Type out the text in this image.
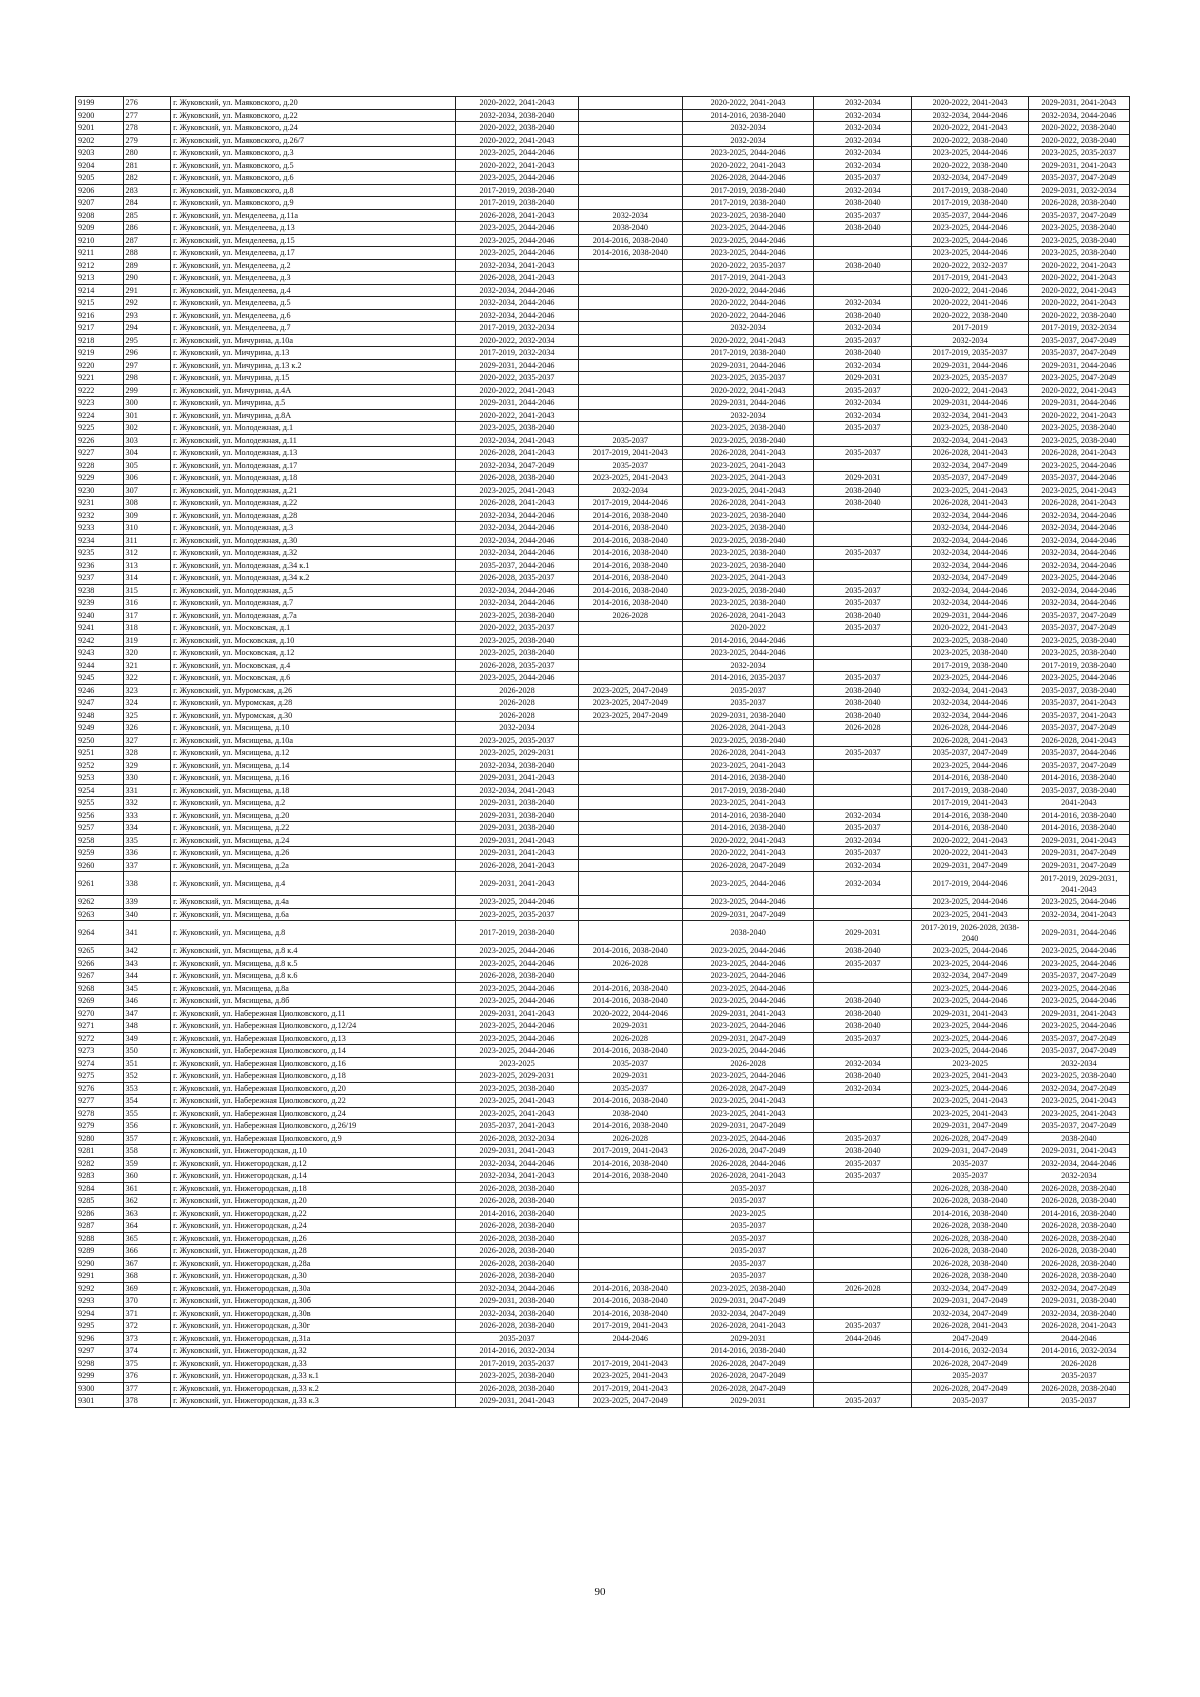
9199	276	г. Жуковский, ул. Маяковского, д.20	2020-2022, 2041-2043		2020-2022, 2041-2043	2032-2034	2020-2022, 2041-2043	2029-2031, 2041-2043
9200	277	г. Жуковский, ул. Маяковского, д.22	2032-2034, 2038-2040		2014-2016, 2038-2040	2032-2034	2032-2034, 2044-2046	2032-2034, 2044-2046
9201	278	г. Жуковский, ул. Маяковского, д.24	2020-2022, 2038-2040		2032-2034	2032-2034	2020-2022, 2041-2043	2020-2022, 2038-2040
9202	279	г. Жуковский, ул. Маяковского, д.26/7	2020-2022, 2041-2043		2032-2034	2032-2034	2020-2022, 2038-2040	2020-2022, 2038-2040
9203	280	г. Жуковский, ул. Маяковского, д.3	2023-2025, 2044-2046		2023-2025, 2044-2046	2032-2034	2023-2025, 2044-2046	2023-2025, 2035-2037
9204	281	г. Жуковский, ул. Маяковского, д.5	2020-2022, 2041-2043		2020-2022, 2041-2043	2032-2034	2020-2022, 2038-2040	2029-2031, 2041-2043
9205	282	г. Жуковский, ул. Маяковского, д.6	2023-2025, 2044-2046		2026-2028, 2044-2046	2035-2037	2032-2034, 2047-2049	2035-2037, 2047-2049
9206	283	г. Жуковский, ул. Маяковского, д.8	2017-2019, 2038-2040		2017-2019, 2038-2040	2032-2034	2017-2019, 2038-2040	2029-2031, 2032-2034
9207	284	г. Жуковский, ул. Маяковского, д.9	2017-2019, 2038-2040		2017-2019, 2038-2040	2038-2040	2017-2019, 2038-2040	2026-2028, 2038-2040
9208	285	г. Жуковский, ул. Менделеева, д.11а	2026-2028, 2041-2043	2032-2034	2023-2025, 2038-2040	2035-2037	2035-2037, 2044-2046	2035-2037, 2047-2049
9209	286	г. Жуковский, ул. Менделеева, д.13	2023-2025, 2044-2046	2038-2040	2023-2025, 2044-2046	2038-2040	2023-2025, 2044-2046	2023-2025, 2038-2040
9210	287	г. Жуковский, ул. Менделеева, д.15	2023-2025, 2044-2046	2014-2016, 2038-2040	2023-2025, 2044-2046		2023-2025, 2044-2046	2023-2025, 2038-2040
9211	288	г. Жуковский, ул. Менделеева, д.17	2023-2025, 2044-2046	2014-2016, 2038-2040	2023-2025, 2044-2046		2023-2025, 2044-2046	2023-2025, 2038-2040
9212	289	г. Жуковский, ул. Менделеева, д.2	2032-2034, 2041-2043		2020-2022, 2035-2037	2038-2040	2020-2022, 2032-2037	2020-2022, 2041-2043
9213	290	г. Жуковский, ул. Менделеева, д.3	2026-2028, 2041-2043		2017-2019, 2041-2043		2017-2019, 2041-2043	2020-2022, 2041-2043
9214	291	г. Жуковский, ул. Менделеева, д.4	2032-2034, 2044-2046		2020-2022, 2044-2046		2020-2022, 2041-2046	2020-2022, 2041-2043
9215	292	г. Жуковский, ул. Менделеева, д.5	2032-2034, 2044-2046		2020-2022, 2044-2046	2032-2034	2020-2022, 2041-2046	2020-2022, 2041-2043
9216	293	г. Жуковский, ул. Менделеева, д.6	2032-2034, 2044-2046		2020-2022, 2044-2046	2038-2040	2020-2022, 2038-2040	2020-2022, 2038-2040
9217	294	г. Жуковский, ул. Менделеева, д.7	2017-2019, 2032-2034		2032-2034	2032-2034	2017-2019	2017-2019, 2032-2034
9218	295	г. Жуковский, ул. Мичурина, д.10а	2020-2022, 2032-2034		2020-2022, 2041-2043	2035-2037	2032-2034	2035-2037, 2047-2049
9219	296	г. Жуковский, ул. Мичурина, д.13	2017-2019, 2032-2034		2017-2019, 2038-2040	2038-2040	2017-2019, 2035-2037	2035-2037, 2047-2049
9220	297	г. Жуковский, ул. Мичурина, д.13 к.2	2029-2031, 2044-2046		2029-2031, 2044-2046	2032-2034	2029-2031, 2044-2046	2029-2031, 2044-2046
9221	298	г. Жуковский, ул. Мичурина, д.15	2020-2022, 2035-2037		2023-2025, 2035-2037	2029-2031	2023-2025, 2035-2037	2023-2025, 2047-2049
9222	299	г. Жуковский, ул. Мичурина, д.4А	2020-2022, 2041-2043		2020-2022, 2041-2043	2035-2037	2020-2022, 2041-2043	2020-2022, 2041-2043
9223	300	г. Жуковский, ул. Мичурина, д.5	2029-2031, 2044-2046		2029-2031, 2044-2046	2032-2034	2029-2031, 2044-2046	2029-2031, 2044-2046
9224	301	г. Жуковский, ул. Мичурина, д.8А	2020-2022, 2041-2043		2032-2034	2032-2034	2032-2034, 2041-2043	2020-2022, 2041-2043
9225	302	г. Жуковский, ул. Молодежная, д.1	2023-2025, 2038-2040		2023-2025, 2038-2040	2035-2037	2023-2025, 2038-2040	2023-2025, 2038-2040
9226	303	г. Жуковский, ул. Молодежная, д.11	2032-2034, 2041-2043	2035-2037	2023-2025, 2038-2040		2032-2034, 2041-2043	2023-2025, 2038-2040
9227	304	г. Жуковский, ул. Молодежная, д.13	2026-2028, 2041-2043	2017-2019, 2041-2043	2026-2028, 2041-2043	2035-2037	2026-2028, 2041-2043	2026-2028, 2041-2043
9228	305	г. Жуковский, ул. Молодежная, д.17	2032-2034, 2047-2049	2035-2037	2023-2025, 2041-2043		2032-2034, 2047-2049	2023-2025, 2044-2046
9229	306	г. Жуковский, ул. Молодежная, д.18	2026-2028, 2038-2040	2023-2025, 2041-2043	2023-2025, 2041-2043	2029-2031	2035-2037, 2047-2049	2035-2037, 2044-2046
9230	307	г. Жуковский, ул. Молодежная, д.21	2023-2025, 2041-2043	2032-2034	2023-2025, 2041-2043	2038-2040	2023-2025, 2041-2043	2023-2025, 2041-2043
9231	308	г. Жуковский, ул. Молодежная, д.22	2026-2028, 2041-2043	2017-2019, 2044-2046	2026-2028, 2041-2043	2038-2040	2026-2028, 2041-2043	2026-2028, 2041-2043
9232	309	г. Жуковский, ул. Молодежная, д.28	2032-2034, 2044-2046	2014-2016, 2038-2040	2023-2025, 2038-2040		2032-2034, 2044-2046	2032-2034, 2044-2046
9233	310	г. Жуковский, ул. Молодежная, д.3	2032-2034, 2044-2046	2014-2016, 2038-2040	2023-2025, 2038-2040		2032-2034, 2044-2046	2032-2034, 2044-2046
9234	311	г. Жуковский, ул. Молодежная, д.30	2032-2034, 2044-2046	2014-2016, 2038-2040	2023-2025, 2038-2040		2032-2034, 2044-2046	2032-2034, 2044-2046
9235	312	г. Жуковский, ул. Молодежная, д.32	2032-2034, 2044-2046	2014-2016, 2038-2040	2023-2025, 2038-2040	2035-2037	2032-2034, 2044-2046	2032-2034, 2044-2046
9236	313	г. Жуковский, ул. Молодежная, д.34 к.1	2035-2037, 2044-2046	2014-2016, 2038-2040	2023-2025, 2038-2040		2032-2034, 2044-2046	2032-2034, 2044-2046
9237	314	г. Жуковский, ул. Молодежная, д.34 к.2	2026-2028, 2035-2037	2014-2016, 2038-2040	2023-2025, 2041-2043		2032-2034, 2047-2049	2023-2025, 2044-2046
9238	315	г. Жуковский, ул. Молодежная, д.5	2032-2034, 2044-2046	2014-2016, 2038-2040	2023-2025, 2038-2040	2035-2037	2032-2034, 2044-2046	2032-2034, 2044-2046
9239	316	г. Жуковский, ул. Молодежная, д.7	2032-2034, 2044-2046	2014-2016, 2038-2040	2023-2025, 2038-2040	2035-2037	2032-2034, 2044-2046	2032-2034, 2044-2046
9240	317	г. Жуковский, ул. Молодежная, д.7а	2023-2025, 2038-2040	2026-2028	2026-2028, 2041-2043	2038-2040	2029-2031, 2044-2046	2035-2037, 2047-2049
9241	318	г. Жуковский, ул. Московская, д.1	2020-2022, 2035-2037		2020-2022	2035-2037	2020-2022, 2041-2043	2035-2037, 2047-2049
9242	319	г. Жуковский, ул. Московская, д.10	2023-2025, 2038-2040		2014-2016, 2044-2046		2023-2025, 2038-2040	2023-2025, 2038-2040
9243	320	г. Жуковский, ул. Московская, д.12	2023-2025, 2038-2040		2023-2025, 2044-2046		2023-2025, 2038-2040	2023-2025, 2038-2040
9244	321	г. Жуковский, ул. Московская, д.4	2026-2028, 2035-2037		2032-2034		2017-2019, 2038-2040	2017-2019, 2038-2040
9245	322	г. Жуковский, ул. Московская, д.6	2023-2025, 2044-2046		2014-2016, 2035-2037	2035-2037	2023-2025, 2044-2046	2023-2025, 2044-2046
9246	323	г. Жуковский, ул. Муромская, д.26	2026-2028	2023-2025, 2047-2049	2035-2037	2038-2040	2032-2034, 2041-2043	2035-2037, 2038-2040
9247	324	г. Жуковский, ул. Муромская, д.28	2026-2028	2023-2025, 2047-2049	2035-2037	2038-2040	2032-2034, 2044-2046	2035-2037, 2041-2043
9248	325	г. Жуковский, ул. Муромская, д.30	2026-2028	2023-2025, 2047-2049	2029-2031, 2038-2040	2038-2040	2032-2034, 2044-2046	2035-2037, 2041-2043
9249	326	г. Жуковский, ул. Мясищева, д.10	2032-2034		2026-2028, 2041-2043	2026-2028	2026-2028, 2044-2046	2035-2037, 2047-2049
9250	327	г. Жуковский, ул. Мясищева, д.10а	2023-2025, 2035-2037		2023-2025, 2038-2040		2026-2028, 2041-2043	2026-2028, 2041-2043
9251	328	г. Жуковский, ул. Мясищева, д.12	2023-2025, 2029-2031		2026-2028, 2041-2043	2035-2037	2035-2037, 2047-2049	2035-2037, 2044-2046
9252	329	г. Жуковский, ул. Мясищева, д.14	2032-2034, 2038-2040		2023-2025, 2041-2043		2023-2025, 2044-2046	2035-2037, 2047-2049
9253	330	г. Жуковский, ул. Мясищева, д.16	2029-2031, 2041-2043		2014-2016, 2038-2040		2014-2016, 2038-2040	2014-2016, 2038-2040
9254	331	г. Жуковский, ул. Мясищева, д.18	2032-2034, 2041-2043		2017-2019, 2038-2040		2017-2019, 2038-2040	2035-2037, 2038-2040
9255	332	г. Жуковский, ул. Мясищева, д.2	2029-2031, 2038-2040		2023-2025, 2041-2043		2017-2019, 2041-2043	2041-2043
9256	333	г. Жуковский, ул. Мясищева, д.20	2029-2031, 2038-2040		2014-2016, 2038-2040	2032-2034	2014-2016, 2038-2040	2014-2016, 2038-2040
9257	334	г. Жуковский, ул. Мясищева, д.22	2029-2031, 2038-2040		2014-2016, 2038-2040	2035-2037	2014-2016, 2038-2040	2014-2016, 2038-2040
9258	335	г. Жуковский, ул. Мясищева, д.24	2029-2031, 2041-2043		2020-2022, 2041-2043	2032-2034	2020-2022, 2041-2043	2029-2031, 2041-2043
9259	336	г. Жуковский, ул. Мясищева, д.26	2029-2031, 2041-2043		2020-2022, 2041-2043	2035-2037	2020-2022, 2041-2043	2029-2031, 2047-2049
9260	337	г. Жуковский, ул. Мясищева, д.2а	2026-2028, 2041-2043		2026-2028, 2047-2049	2032-2034	2029-2031, 2047-2049	2029-2031, 2047-2049
9261	338	г. Жуковский, ул. Мясищева, д.4	2029-2031, 2041-2043		2023-2025, 2044-2046	2032-2034	2017-2019, 2044-2046	2017-2019, 2029-2031, 2041-2043
9262	339	г. Жуковский, ул. Мясищева, д.4а	2023-2025, 2044-2046		2023-2025, 2044-2046		2023-2025, 2044-2046	2023-2025, 2044-2046
9263	340	г. Жуковский, ул. Мясищева, д.6а	2023-2025, 2035-2037		2029-2031, 2047-2049		2023-2025, 2041-2043	2032-2034, 2041-2043
9264	341	г. Жуковский, ул. Мясищева, д.8	2017-2019, 2038-2040		2038-2040	2029-2031	2017-2019, 2026-2028, 2038-2040	2029-2031, 2044-2046
9265	342	г. Жуковский, ул. Мясищева, д.8 к.4	2023-2025, 2044-2046	2014-2016, 2038-2040	2023-2025, 2044-2046	2038-2040	2023-2025, 2044-2046	2023-2025, 2044-2046
9266	343	г. Жуковский, ул. Мясищева, д.8 к.5	2023-2025, 2044-2046	2026-2028	2023-2025, 2044-2046	2035-2037	2023-2025, 2044-2046	2023-2025, 2044-2046
9267	344	г. Жуковский, ул. Мясищева, д.8 к.6	2026-2028, 2038-2040		2023-2025, 2044-2046		2032-2034, 2047-2049	2035-2037, 2047-2049
9268	345	г. Жуковский, ул. Мясищева, д.8а	2023-2025, 2044-2046	2014-2016, 2038-2040	2023-2025, 2044-2046		2023-2025, 2044-2046	2023-2025, 2044-2046
9269	346	г. Жуковский, ул. Мясищева, д.8б	2023-2025, 2044-2046	2014-2016, 2038-2040	2023-2025, 2044-2046	2038-2040	2023-2025, 2044-2046	2023-2025, 2044-2046
9270	347	г. Жуковский, ул. Набережная Циолковского, д.11	2029-2031, 2041-2043	2020-2022, 2044-2046	2029-2031, 2041-2043	2038-2040	2029-2031, 2041-2043	2029-2031, 2041-2043
9271	348	г. Жуковский, ул. Набережная Циолковского, д.12/24	2023-2025, 2044-2046	2029-2031	2023-2025, 2044-2046	2038-2040	2023-2025, 2044-2046	2023-2025, 2044-2046
9272	349	г. Жуковский, ул. Набережная Циолковского, д.13	2023-2025, 2044-2046	2026-2028	2029-2031, 2047-2049	2035-2037	2023-2025, 2044-2046	2035-2037, 2047-2049
9273	350	г. Жуковский, ул. Набережная Циолковского, д.14	2023-2025, 2044-2046	2014-2016, 2038-2040	2023-2025, 2044-2046		2023-2025, 2044-2046	2035-2037, 2047-2049
9274	351	г. Жуковский, ул. Набережная Циолковского, д.16	2023-2025	2035-2037	2026-2028	2032-2034	2023-2025	2032-2034
9275	352	г. Жуковский, ул. Набережная Циолковского, д.18	2023-2025, 2029-2031	2029-2031	2023-2025, 2044-2046	2038-2040	2023-2025, 2041-2043	2023-2025, 2038-2040
9276	353	г. Жуковский, ул. Набережная Циолковского, д.20	2023-2025, 2038-2040	2035-2037	2026-2028, 2047-2049	2032-2034	2023-2025, 2044-2046	2032-2034, 2047-2049
9277	354	г. Жуковский, ул. Набережная Циолковского, д.22	2023-2025, 2041-2043	2014-2016, 2038-2040	2023-2025, 2041-2043		2023-2025, 2041-2043	2023-2025, 2041-2043
9278	355	г. Жуковский, ул. Набережная Циолковского, д.24	2023-2025, 2041-2043	2038-2040	2023-2025, 2041-2043		2023-2025, 2041-2043	2023-2025, 2041-2043
9279	356	г. Жуковский, ул. Набережная Циолковского, д.26/19	2035-2037, 2041-2043	2014-2016, 2038-2040	2029-2031, 2047-2049		2029-2031, 2047-2049	2035-2037, 2047-2049
9280	357	г. Жуковский, ул. Набережная Циолковского, д.9	2026-2028, 2032-2034	2026-2028	2023-2025, 2044-2046	2035-2037	2026-2028, 2047-2049	2038-2040
9281	358	г. Жуковский, ул. Нижегородская, д.10	2029-2031, 2041-2043	2017-2019, 2041-2043	2026-2028, 2047-2049	2038-2040	2029-2031, 2047-2049	2029-2031, 2041-2043
9282	359	г. Жуковский, ул. Нижегородская, д.12	2032-2034, 2044-2046	2014-2016, 2038-2040	2026-2028, 2044-2046	2035-2037	2035-2037	2032-2034, 2044-2046
9283	360	г. Жуковский, ул. Нижегородская, д.14	2032-2034, 2041-2043	2014-2016, 2038-2040	2026-2028, 2041-2043	2035-2037	2035-2037	2032-2034
9284	361	г. Жуковский, ул. Нижегородская, д.18	2026-2028, 2038-2040		2035-2037		2026-2028, 2038-2040	2026-2028, 2038-2040
9285	362	г. Жуковский, ул. Нижегородская, д.20	2026-2028, 2038-2040		2035-2037		2026-2028, 2038-2040	2026-2028, 2038-2040
9286	363	г. Жуковский, ул. Нижегородская, д.22	2014-2016, 2038-2040		2023-2025		2014-2016, 2038-2040	2014-2016, 2038-2040
9287	364	г. Жуковский, ул. Нижегородская, д.24	2026-2028, 2038-2040		2035-2037		2026-2028, 2038-2040	2026-2028, 2038-2040
9288	365	г. Жуковский, ул. Нижегородская, д.26	2026-2028, 2038-2040		2035-2037		2026-2028, 2038-2040	2026-2028, 2038-2040
9289	366	г. Жуковский, ул. Нижегородская, д.28	2026-2028, 2038-2040		2035-2037		2026-2028, 2038-2040	2026-2028, 2038-2040
9290	367	г. Жуковский, ул. Нижегородская, д.28а	2026-2028, 2038-2040		2035-2037		2026-2028, 2038-2040	2026-2028, 2038-2040
9291	368	г. Жуковский, ул. Нижегородская, д.30	2026-2028, 2038-2040		2035-2037		2026-2028, 2038-2040	2026-2028, 2038-2040
9292	369	г. Жуковский, ул. Нижегородская, д.30а	2032-2034, 2044-2046	2014-2016, 2038-2040	2023-2025, 2038-2040	2026-2028	2032-2034, 2047-2049	2032-2034, 2047-2049
9293	370	г. Жуковский, ул. Нижегородская, д.30б	2029-2031, 2038-2040	2014-2016, 2038-2040	2029-2031, 2047-2049		2029-2031, 2047-2049	2029-2031, 2038-2040
9294	371	г. Жуковский, ул. Нижегородская, д.30в	2032-2034, 2038-2040	2014-2016, 2038-2040	2032-2034, 2047-2049		2032-2034, 2047-2049	2032-2034, 2038-2040
9295	372	г. Жуковский, ул. Нижегородская, д.30г	2026-2028, 2038-2040	2017-2019, 2041-2043	2026-2028, 2041-2043	2035-2037	2026-2028, 2041-2043	2026-2028, 2041-2043
9296	373	г. Жуковский, ул. Нижегородская, д.31а	2035-2037	2044-2046	2029-2031	2044-2046	2047-2049	2044-2046
9297	374	г. Жуковский, ул. Нижегородская, д.32	2014-2016, 2032-2034		2014-2016, 2038-2040		2014-2016, 2032-2034	2014-2016, 2032-2034
9298	375	г. Жуковский, ул. Нижегородская, д.33	2017-2019, 2035-2037	2017-2019, 2041-2043	2026-2028, 2047-2049		2026-2028, 2047-2049	2026-2028
9299	376	г. Жуковский, ул. Нижегородская, д.33 к.1	2023-2025, 2038-2040	2023-2025, 2041-2043	2026-2028, 2047-2049		2035-2037	2035-2037
9300	377	г. Жуковский, ул. Нижегородская, д.33 к.2	2026-2028, 2038-2040	2017-2019, 2041-2043	2026-2028, 2047-2049		2026-2028, 2047-2049	2026-2028, 2038-2040
9301	378	г. Жуковский, ул. Нижегородская, д.33 к.3	2029-2031, 2041-2043	2023-2025, 2047-2049	2029-2031	2035-2037	2035-2037	2035-2037
90
